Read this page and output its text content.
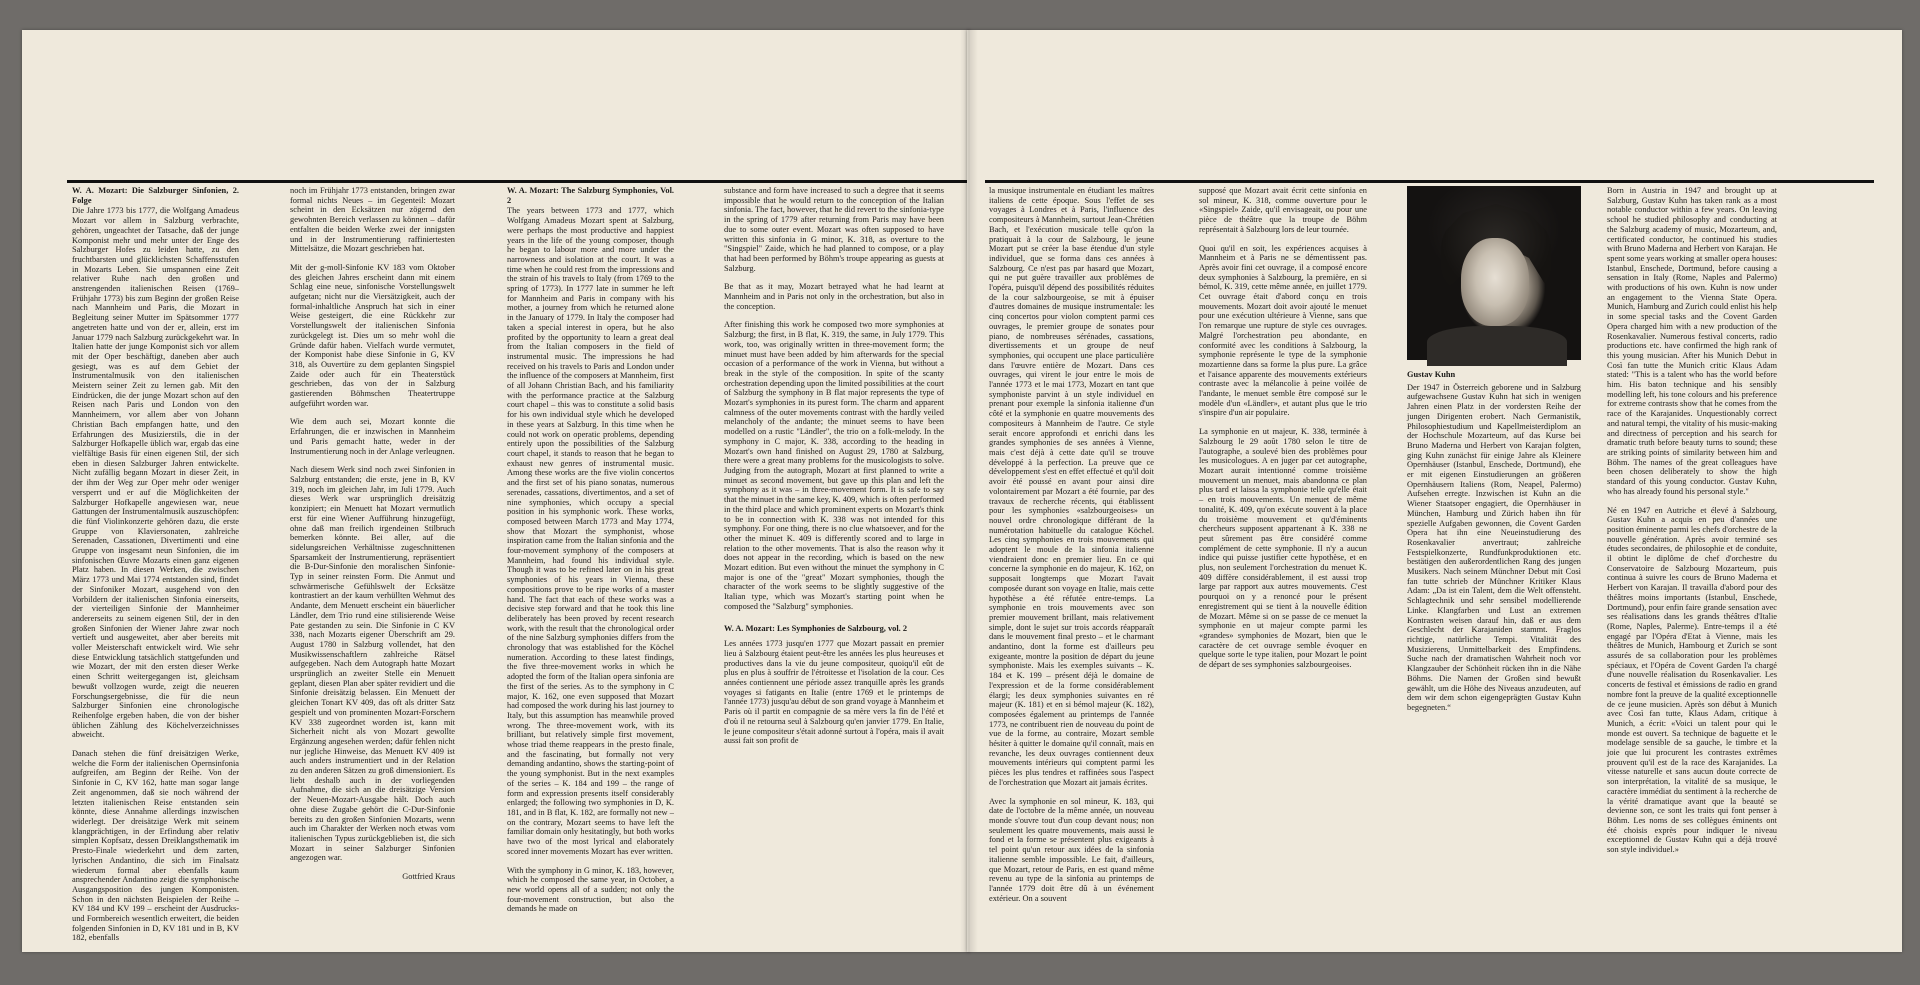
W. A. Mozart: Die Salzburger Sinfonien, 2. Folge

Die Jahre 1773 bis 1777, die Wolfgang Amadeus Mozart vor allem in Salzburg verbrachte, gehören, ungeachtet der Tatsache, daß der junge Komponist mehr und mehr unter der Enge des Salzburger Hofes zu leiden hatte, zu den fruchtbarsten und glücklichsten Schaffensstufen in Mozarts Leben. Sie umspannen eine Zeit relativer Ruhe nach den großen und anstrengenden italienischen Reisen (1769–Frühjahr 1773) bis zum Beginn der großen Reise nach Mannheim und Paris, die Mozart in Begleitung seiner Mutter im Spätsommer 1777 angetreten hatte und von der er, allein, erst im Januar 1779 nach Salzburg zurückgekehrt war. In Italien hatte der junge Komponist sich vor allem mit der Oper beschäftigt, daneben aber auch gesiegt, was es auf dem Gebiet der Instrumentalmusik von den italienischen Meistern seiner Zeit zu lernen gab. Mit den Eindrücken, die der junge Mozart schon auf den Reisen nach Paris und London von den Mannheimern, vor allem aber von Johann Christian Bach empfangen hatte, und den Erfahrungen des Musizierstils, die in der Salzburger Hofkapelle üblich war, ergab das eine vielfältige Basis für einen eigenen Stil, der sich eben in diesen Salzburger Jahren entwickelte. Nicht zufällig begann Mozart in dieser Zeit, in der ihm der Weg zur Oper mehr oder weniger versperrt und er auf die Möglichkeiten der Salzburger Hofkapelle angewiesen war, neue Gattungen der Instrumentalmusik auszuschöpfen: die fünf Violinkonzerte gehören dazu, die erste Gruppe von Klaviersonaten, zahlreiche Serenaden, Cassationen, Divertimenti und eine Gruppe von insgesamt neun Sinfonien, die im sinfonischen Œuvre Mozarts einen ganz eigenen Platz haben. In diesen Werken, die zwischen März 1773 und Mai 1774 entstanden sind, findet der Sinfoniker Mozart, ausgehend von den Vorbildern der italienischen Sinfonia einerseits, der vierteiligen Sinfonie der Mannheimer andererseits zu seinem eigenen Stil, der in den großen Sinfonien der Wiener Jahre zwar noch vertieft und ausgeweitet, aber aber bereits mit voller Meisterschaft entwickelt wird. Wie sehr diese Entwicklung tatsächlich stattgefunden und wie Mozart, der mit den ersten dieser Werke einen Schritt weitergegangen ist, gleichsam bewußt vollzogen wurde, zeigt die neueren Forschungsergebnisse, die für die neun Salzburger Sinfonien eine chronologische Reihenfolge ergeben haben, die von der bisher üblichen Zählung des Köchelverzeichnisses abweicht.

Danach stehen die fünf dreisätzigen Werke, welche die Form der italienischen Opernsinfonia aufgreifen, am Beginn der Reihe. Von der Sinfonie in C, KV 162, hatte man sogar lange Zeit angenommen, daß sie noch während der letzten italienischen Reise entstanden sein könnte, diese Annahme allerdings inzwischen widerlegt. Der dreisätzige Werk mit seinem klangprächtigen, in der Erfindung aber relativ simplen Kopfsatz, dessen Dreiklangsthematik im Presto-Finale wiederkehrt und dem zarten, lyrischen Andantino, die sich im Finalsatz wiederum formal aber ebenfalls kaum ansprechender Andantino zeigt die symphonische Ausgangsposition des jungen Komponisten. Schon in den nächsten Beispielen der Reihe – KV 184 und KV 199 – erscheint der Ausdrucks- und Formbereich wesentlich erweitert, die beiden folgenden Sinfonien in D, KV 181 und in B, KV 182, ebenfalls

noch im Frühjahr 1773 entstanden, bringen zwar formal nichts Neues – im Gegenteil: Mozart scheint in den Ecksätzen nur zögernd den gewohnten Bereich verlassen zu können – dafür entfalten die beiden Werke zwei der innigsten und in der Instrumentierung raffiniertesten Mittelsätze, die Mozart geschrieben hat.

Mit der g-moll-Sinfonie KV 183 vom Oktober des gleichen Jahres erscheint dann mit einem Schlag eine neue, sinfonische Vorstellungswelt aufgetan; nicht nur die Viersätzigkeit, auch der formal-inhaltliche Anspruch hat sich in einer Weise gesteigert, die eine Rückkehr zur Vorstellungswelt der italienischen Sinfonia zurückgelegt ist. Dies um so mehr wohl die Gründe dafür haben. Vielfach wurde vermutet, der Komponist habe diese Sinfonie in G, KV 318, als Ouvertüre zu dem geplanten Singspiel Zaide oder auch für ein Theaterstück geschrieben, das von der in Salzburg gastierenden Böhmschen Theatertruppe aufgeführt worden war.

Wie dem auch sei, Mozart konnte die Erfahrungen, die er inzwischen in Mannheim und Paris gemacht hatte, weder in der Instrumentierung noch in der Anlage verleugnen.

Nach diesem Werk sind noch zwei Sinfonien in Salzburg entstanden; die erste, jene in B, KV 319, noch im gleichen Jahr, im Juli 1779. Auch dieses Werk war ursprünglich dreisätzig konzipiert; ein Menuett hat Mozart vermutlich erst für eine Wiener Aufführung hinzugefügt, ohne daß man freilich irgendeinen Stilbruch bemerken könnte. Bei aller, auf die sidelungsreichen Verhältnisse zugeschnittenen Sparsamkeit der Instrumentierung, repräsentiert die B-Dur-Sinfonie den moralischen Sinfonie-Typ in seiner reinsten Form. Die Anmut und schwärmerische Gefühlswelt der Ecksätze kontrastiert an der kaum verhüllten Wehmut des Andante, dem Menuett erscheint ein bäuerlicher Ländler, dem Trio rund eine stilisierende Weise Pate gestanden zu sein. Die Sinfonie in C KV 338, nach Mozarts eigener Überschrift am 29. August 1780 in Salzburg vollendet, hat den Musikwissenschaftlern zahlreiche Rätsel aufgegeben. Nach dem Autograph hatte Mozart ursprünglich an zweiter Stelle ein Menuett geplant, diesen Plan aber später revidiert und die Sinfonie dreisätzig belassen. Ein Menuett der gleichen Tonart KV 409, das oft als dritter Satz gespielt und von prominenten Mozart-Forschern KV 338 zugeordnet worden ist, kann mit Sicherheit nicht als von Mozart gewollte Ergänzung angesehen werden; dafür fehlen nicht nur jegliche Hinweise, das Menuett KV 409 ist auch anders instrumentiert und in der Relation zu den anderen Sätzen zu groß dimensioniert. Es liebt deshalb auch in der vorliegenden Aufnahme, die sich an die dreisätzige Version der Neuen-Mozart-Ausgabe hält. Doch auch ohne diese Zugabe gehört die C-Dur-Sinfonie bereits zu den großen Sinfonien Mozarts, wenn auch im Charakter der Werken noch etwas vom italienischen Typus zurückgeblieben ist, die sich Mozart in seiner Salzburger Sinfonien angezogen war.

Gottfried Kraus

W. A. Mozart: The Salzburg Symphonies, Vol. 2

The years between 1773 and 1777, which Wolfgang Amadeus Mozart spent at Salzburg, were perhaps the most productive and happiest years in the life of the young composer, though he began to labour more and more under the narrowness and isolation at the court. It was a time when he could rest from the impressions and the strain of his travels to Italy (from 1769 to the spring of 1773). In 1777 late in summer he left for Mannheim and Paris in company with his mother, a journey from which he returned alone in the January of 1779. In Italy the composer had taken a special interest in opera, but he also profited by the opportunity to learn a great deal from the Italian composers in the field of instrumental music. The impressions he had received on his travels to Paris and London under the influence of the composers at Mannheim, first of all Johann Christian Bach, and his familiarity with the performance practice at the Salzburg court chapel – this was to constitute a solid basis for his own individual style which he developed in these years at Salzburg. In this time when he could not work on operatic problems, depending entirely upon the possibilities of the Salzburg court chapel, it stands to reason that he began to exhaust new genres of instrumental music. Among these works are the five violin concertos and the first set of his piano sonatas, numerous serenades, cassations, divertimentos, and a set of nine symphonies, which occupy a special position in his symphonic work. These works, composed between March 1773 and May 1774, show that Mozart the symphonist, whose inspiration came from the Italian sinfonia and the four-movement symphony of the composers at Mannheim, had found his individual style. Though it was to be refined later on in his great symphonies of his years in Vienna, these compositions prove to be ripe works of a master hand. The fact that each of these works was a decisive step forward and that he took this line deliberately has been proved by recent research work, with the result that the chronological order of the nine Salzburg symphonies differs from the chronology that was established for the Köchel numeration. According to these latest findings, the five three-movement works in which he adopted the form of the Italian opera sinfonia are the first of the series. As to the symphony in C major, K. 162, one even supposed that Mozart had composed the work during his last journey to Italy, but this assumption has meanwhile proved wrong. The three-movement work, with its brilliant, but relatively simple first movement, whose triad theme reappears in the presto finale, and the fascinating, but formally not very demanding andantino, shows the starting-point of the young symphonist. But in the next examples of the series – K. 184 and 199 – the range of form and expression presents itself considerably enlarged; the following two symphonies in D, K. 181, and in B flat, K. 182, are formally not new – on the contrary, Mozart seems to have left the familiar domain only hesitatingly, but both works have two of the most lyrical and elaborately scored inner movements Mozart has ever written.

With the symphony in G minor, K. 183, however, which he composed the same year, in October, a new world opens all of a sudden; not only the four-movement construction, but also the demands he made on

substance and form have increased to such a degree that it seems impossible that he would return to the conception of the Italian sinfonia. The fact, however, that he did revert to the sinfonia-type in the spring of 1779 after returning from Paris may have been due to some outer event. Mozart was often supposed to have written this sinfonia in G minor, K. 318, as overture to the "Singspiel" Zaide, which he had planned to compose, or a play that had been performed by Böhm's troupe appearing as guests at Salzburg.

Be that as it may, Mozart betrayed what he had learnt at Mannheim and in Paris not only in the orchestration, but also in the conception.

After finishing this work he composed two more symphonies at Salzburg; the first, in B flat, K. 319, the same, in July 1779. This work, too, was originally written in three-movement form; the minuet must have been added by him afterwards for the special occasion of a performance of the work in Vienna, but without a break in the style of the composition. In spite of the scanty orchestration depending upon the limited possibilities at the court of Salzburg the symphony in B flat major represents the type of Mozart's symphonies in its purest form. The charm and apparent calmness of the outer movements contrast with the hardly veiled melancholy of the andante; the minuet seems to have been modelled on a rustic "Ländler", the trio on a folk-melody. In the symphony in C major, K. 338, according to the heading in Mozart's own hand finished on August 29, 1780 at Salzburg, there were a great many problems for the musicologists to solve. Judging from the autograph, Mozart at first planned to write a minuet as second movement, but gave up this plan and left the symphony as it was – in three-movement form. It is safe to say that the minuet in the same key, K. 409, which is often performed in the third place and which prominent experts on Mozart's think to be in connection with K. 338 was not intended for this symphony. For one thing, there is no clue whatsoever, and for the other the minuet K. 409 is differently scored and to large in relation to the other movements. That is also the reason why it does not appear in the recording, which is based on the new Mozart edition. But even without the minuet the symphony in C major is one of the "great" Mozart symphonies, though the character of the work seems to be slightly suggestive of the Italian type, which was Mozart's starting point when he composed the "Salzburg" symphonies.

W. A. Mozart: Les Symphonies de Salzbourg, vol. 2

Les années 1773 jusqu'en 1777 que Mozart passait en premier lieu à Salzbourg étaient peut-être les années les plus heureuses et productives dans la vie du jeune compositeur, quoiqu'il eût de plus en plus à souffrir de l'étroitesse et l'isolation de la cour. Ces années contiennent une période assez tranquille après les grands voyages si fatigants en Italie (entre 1769 et le printemps de l'année 1773) jusqu'au début de son grand voyage à Mannheim et Paris où il partit en compagnie de sa mère vers la fin de l'été et d'où il ne retourna seul à Salzbourg qu'en janvier 1779. En Italie, le jeune compositeur s'était adonné surtout à l'opéra, mais il avait aussi fait son profit de

la musique instrumentale en étudiant les maîtres italiens de cette époque. Sous l'effet de ses voyages à Londres et à Paris, l'influence des compositeurs à Mannheim, surtout Jean-Chrétien Bach, et l'exécution musicale telle qu'on la pratiquait à la cour de Salzbourg, le jeune Mozart put se créer la base étendue d'un style individuel, que se forma dans ces années à Salzbourg. Ce n'est pas par hasard que Mozart, qui ne put guère travailler aux problèmes de l'opéra, puisqu'il dépend des possibilités réduites de la cour salzbourgeoise, se mit à épuiser d'autres domaines de musique instrumentale: les cinq concertos pour violon comptent parmi ces ouvrages, le premier groupe de sonates pour piano, de nombreuses sérénades, cassations, divertissements et un groupe de neuf symphonies, qui occupent une place particulière dans l'œuvre entière de Mozart. Dans ces ouvrages, qui virent le jour entre le mois de l'année 1773 et le mai 1773, Mozart en tant que symphoniste parvint à un style individuel en prenant pour exemple la sinfonia italienne d'un côté et la symphonie en quatre mouvements des compositeurs à Mannheim de l'autre. Ce style serait encore approfondi et enrichi dans les grandes symphonies de ses années à Vienne, mais c'est déjà à cette date qu'il se trouve développé à la perfection. La preuve que ce développement s'est en effet effectué et qu'il doit avoir été poussé en avant pour ainsi dire volontairement par Mozart a été fournie, par des travaux de recherche récents, qui établissent pour les symphonies «salzbourgeoises» un nouvel ordre chronologique différant de la numérotation habituelle du catalogue Köchel. Les cinq symphonies en trois mouvements qui adoptent le moule de la sinfonia italienne viendraient donc en premier lieu. En ce qui concerne la symphonie en do majeur, K. 162, on supposait longtemps que Mozart l'avait composée durant son voyage en Italie, mais cette hypothèse a été réfutée entre-temps. La symphonie en trois mouvements avec son premier mouvement brillant, mais relativement simple, dont le sujet sur trois accords réapparaît dans le mouvement final presto – et le charmant andantino, dont la forme est d'ailleurs peu exigeante, montre la position de départ du jeune symphoniste. Mais les exemples suivants – K. 184 et K. 199 – présent déjà le domaine de l'expression et de la forme considérablement élargi; les deux symphonies suivantes en ré majeur (K. 181) et en si bémol majeur (K. 182), composées également au printemps de l'année 1773, ne contribuent rien de nouveau du point de vue de la forme, au contraire, Mozart semble hésiter à quitter le domaine qu'il connaît, mais en revanche, les deux ouvrages contiennent deux mouvements intérieurs qui comptent parmi les pièces les plus tendres et raffinées sous l'aspect de l'orchestration que Mozart ait jamais écrites.

Avec la symphonie en sol mineur, K. 183, qui date de l'octobre de la même année, un nouveau monde s'ouvre tout d'un coup devant nous; non seulement les quatre mouvements, mais aussi le fond et la forme se présentent plus exigeants à tel point qu'un retour aux idées de la sinfonia italienne semble impossible. Le fait, d'ailleurs, que Mozart, retour de Paris, en est quand même revenu au type de la sinfonia au printemps de l'année 1779 doit être dû à un événement extérieur. On a souvent

supposé que Mozart avait écrit cette sinfonia en sol mineur, K. 318, comme ouverture pour le «Singspiel» Zaide, qu'il envisageait, ou pour une pièce de théâtre que la troupe de Böhm représentait à Salzbourg lors de leur tournée.

Quoi qu'il en soit, les expériences acquises à Mannheim et à Paris ne se démentissent pas. Après avoir fini cet ouvrage, il a composé encore deux symphonies à Salzbourg, la première, en si bémol, K. 319, cette même année, en juillet 1779. Cet ouvrage était d'abord conçu en trois mouvements. Mozart doit avoir ajouté le menuet pour une exécution ultérieure à Vienne, sans que l'on remarque une rupture de style ces ouvrages. Malgré l'orchestration peu abondante, en conformité avec les conditions à Salzbourg, la symphonie représente le type de la symphonie mozartienne dans sa forme la plus pure. La grâce et l'aisance apparente des mouvements extérieurs contraste avec la mélancolie à peine voilée de l'andante, le menuet semble être composé sur le modèle d'un «Ländler», et autant plus que le trio s'inspire d'un air populaire.

La symphonie en ut majeur, K. 338, terminée à Salzbourg le 29 août 1780 selon le titre de l'autographe, a soulevé bien des problèmes pour les musicologues. A en juger par cet autographe, Mozart aurait intentionné comme troisième mouvement un menuet, mais abandonna ce plan plus tard et laissa la symphonie telle qu'elle était – en trois mouvements. Un menuet de même tonalité, K. 409, qu'on exécute souvent à la place du troisième mouvement et qu'd'éminents chercheurs supposent appartenant à K. 338 ne peut sûrement pas être considéré comme complément de cette symphonie. Il n'y a aucun indice qui puisse justifier cette hypothèse, et en plus, non seulement l'orchestration du menuet K. 409 diffère considérablement, il est aussi trop large par rapport aux autres mouvements. C'est pourquoi on y a renoncé pour le présent enregistrement qui se tient à la nouvelle édition de Mozart. Même si on se passe de ce menuet la symphonie en ut majeur compte parmi les «grandes» symphonies de Mozart, bien que le caractère de cet ouvrage semble évoquer en quelque sorte le type italien, pour Mozart le point de départ de ses symphonies salzbourgeoises.

Gustav Kuhn

Der 1947 in Österreich geborene und in Salzburg aufgewachsene Gustav Kuhn hat sich in wenigen Jahren einen Platz in der vordersten Reihe der jungen Dirigenten erobert. Nach Germanistik, Philosophiestudium und Kapellmeisterdiplom an der Hochschule Mozarteum, auf das Kurse bei Bruno Maderna und Herbert von Karajan folgten, ging Kuhn zunächst für einige Jahre als Kleinere Opernhäuser (Istanbul, Enschede, Dortmund), ehe er mit eigenen Einstudierungen an größeren Opernhäusern Italiens (Rom, Neapel, Palermo) Aufsehen erregte. Inzwischen ist Kuhn an die Wiener Staatsoper engagiert, die Opernhäuser in München, Hamburg und Zürich haben ihn für spezielle Aufgaben gewonnen, die Covent Garden Opera hat ihn eine Neueinstudierung des Rosenkavalier anvertraut; zahlreiche Festspielkonzerte, Rundfunkproduktionen etc. bestätigen den außerordentlichen Rang des jungen Musikers. Nach seinem Münchner Debut mit Così fan tutte schrieb der Münchner Kritiker Klaus Adam: „Da ist ein Talent, dem die Welt offensteht. Schlagtechnik und sehr sensibel modellierende Linke. Klangfarben und Lust an extremen Kontrasten weisen darauf hin, daß er aus dem Geschlecht der Karajaniden stammt. Fraglos richtige, natürliche Tempi. Vitalität des Musizierens, Unmittelbarkeit des Empfindens. Suche nach der dramatischen Wahrheit noch vor Klangzauber der Schönheit rücken ihn in die Nähe Böhms. Die Namen der Großen sind bewußt gewählt, um die Höhe des Niveaus anzudeuten, auf dem wir dem schon eigengeprägten Gustav Kuhn begegneten.“

Born in Austria in 1947 and brought up at Salzburg, Gustav Kuhn has taken rank as a most notable conductor within a few years. On leaving school he studied philosophy and conducting at the Salzburg academy of music, Mozarteum, and, certificated conductor, he continued his studies with Bruno Maderna and Herbert von Karajan. He spent some years working at smaller opera houses: Istanbul, Enschede, Dortmund, before causing a sensation in Italy (Rome, Naples and Palermo) with productions of his own. Kuhn is now under an engagement to the Vienna State Opera. Munich, Hamburg and Zurich could enlist his help in some special tasks and the Covent Garden Opera charged him with a new production of the Rosenkavalier. Numerous festival concerts, radio productions etc. have confirmed the high rank of this young musician. After his Munich Debut in Così fan tutte the Munich critic Klaus Adam stated: "This is a talent who has the world before him. His baton technique and his sensibly modelling left, his tone colours and his preference for extreme contrasts show that he comes from the race of the Karajanides. Unquestionably correct and natural tempi, the vitality of his music-making and directness of perception and his search for dramatic truth before beauty turns to sound; these are striking points of similarity between him and Böhm. The names of the great colleagues have been chosen deliberately to show the high standard of this young conductor. Gustav Kuhn, who has already found his personal style."

Né en 1947 en Autriche et élevé à Salzbourg, Gustav Kuhn a acquis en peu d'années une position éminente parmi les chefs d'orchestre de la nouvelle génération. Après avoir terminé ses études secondaires, de philosophie et de conduite, il obtint le diplôme de chef d'orchestre du Conservatoire de Salzbourg Mozarteum, puis continua à suivre les cours de Bruno Maderna et Herbert von Karajan. Il travailla d'abord pour des théâtres moins importants (Istanbul, Enschede, Dortmund), pour enfin faire grande sensation avec ses réalisations dans les grands théâtres d'Italie (Rome, Naples, Palerme). Entre-temps il a été engagé par l'Opéra d'Etat à Vienne, mais les théâtres de Munich, Hambourg et Zurich se sont assurés de sa collaboration pour les problèmes spéciaux, et l'Opéra de Covent Garden l'a chargé d'une nouvelle réalisation du Rosenkavalier. Les concerts de festival et émissions de radio en grand nombre font la preuve de la qualité exceptionnelle de ce jeune musicien. Après son début à Munich avec Così fan tutte, Klaus Adam, critique à Munich, a écrit: «Voici un talent pour qui le monde est ouvert. Sa technique de baguette et le modelage sensible de sa gauche, le timbre et la joie que lui procurent les contrastes extrêmes prouvent qu'il est de la race des Karajanides. La vitesse naturelle et sans aucun doute correcte de son interprétation, la vitalité de sa musique, le caractère immédiat du sentiment à la recherche de la vérité dramatique avant que la beauté se devienne son, ce sont les traits qui font penser à Böhm. Les noms de ses collègues éminents ont été choisis exprès pour indiquer le niveau exceptionnel de Gustav Kuhn qui a déjà trouvé son style individuel.»
